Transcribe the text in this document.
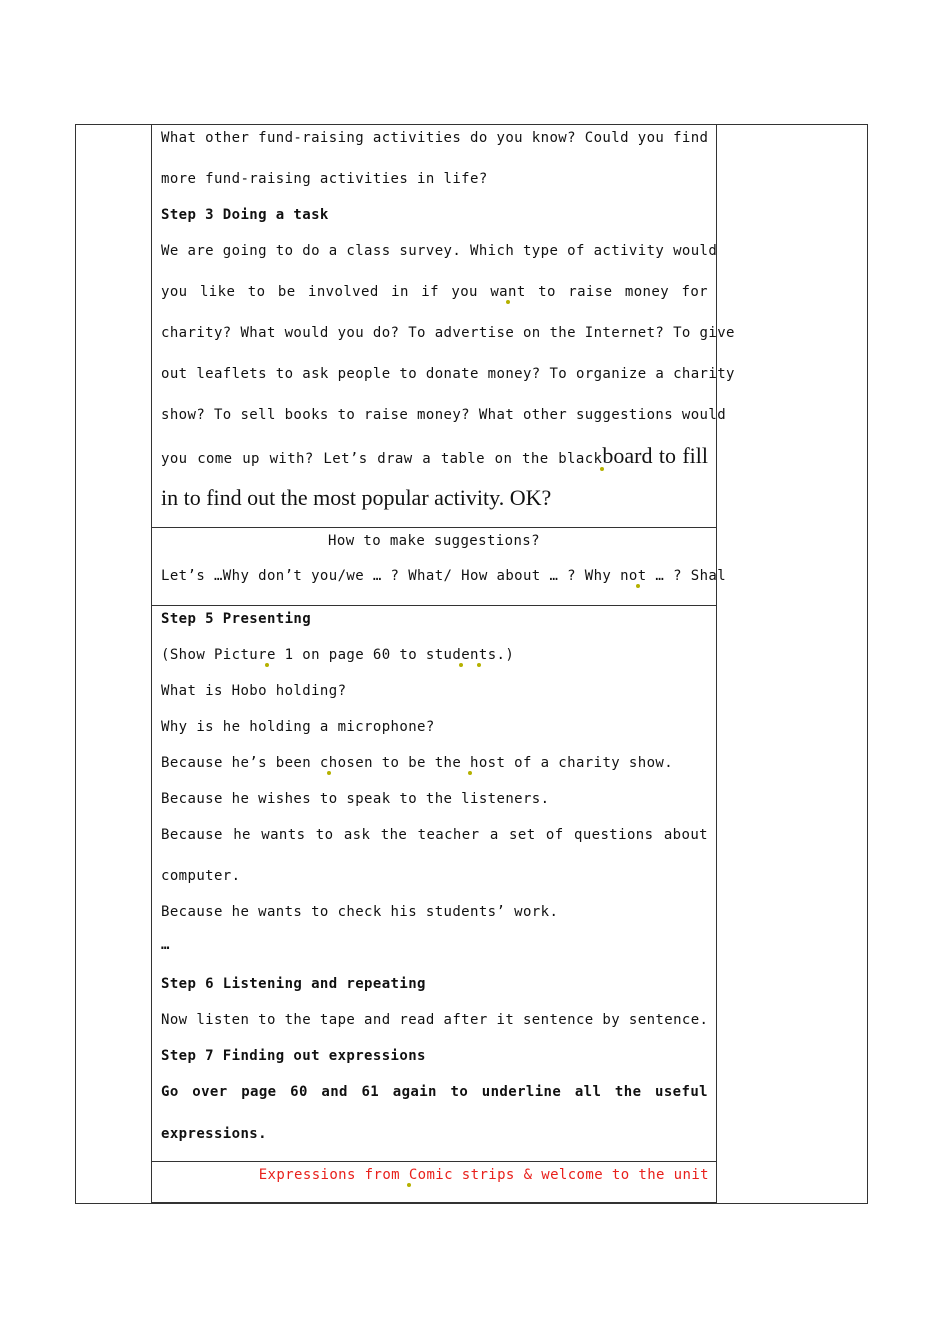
What other fund-raising activities do you know? Could you find
more fund-raising activities in life?
Step 3 Doing a task
We are going to do a class survey. Which type of activity would
you like to be involved in if you want to raise money for
charity? What would you do? To advertise on the Internet? To give
out leaflets to ask people to donate money? To organize a charity
show? To sell books to raise money? What other suggestions would
you come up with? Let’s draw a table on the blackboard to fill
in to find out the most popular activity. OK?
How to make suggestions?
Let’s …Why don’t you/we … ? What/ How about … ? Why not … ? Shal
Step 5 Presenting
(Show Picture 1 on page 60 to students.)
What is Hobo holding?
Why is he holding a microphone?
Because he’s been chosen to be the host of a charity show.
Because he wishes to speak to the listeners.
Because he wants to ask the teacher a set of questions about
computer.
Because he wants to check his students’ work.
…
Step 6 Listening and repeating
Now listen to the tape and read after it sentence by sentence.
Step 7 Finding out expressions
Go over page 60 and 61 again to underline all the useful
expressions.
Expressions from Comic strips & welcome to the unit
